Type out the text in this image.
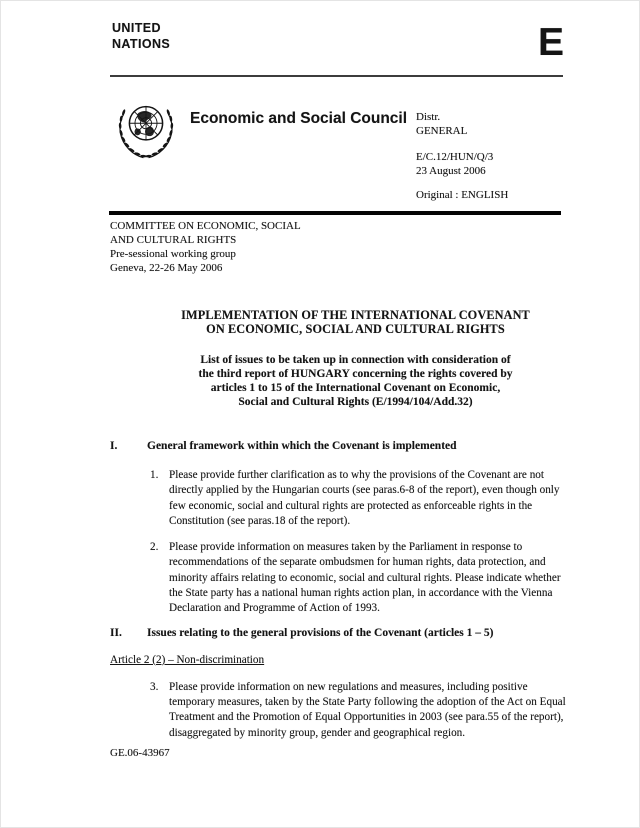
UNITED
NATIONS	E
Economic and Social Council Distr.
GENERAL
E/C.12/HUN/Q/3
23 August 2006
Original : ENGLISH
COMMITTEE ON ECONOMIC, SOCIAL
AND CULTURAL RIGHTS
Pre-sessional working group
Geneva, 22-26 May 2006
IMPLEMENTATION OF THE INTERNATIONAL COVENANT
ON ECONOMIC, SOCIAL AND CULTURAL RIGHTS
List of issues to be taken up in connection with consideration of
the third report of HUNGARY concerning the rights covered by
articles 1 to 15 of the International Covenant on Economic,
Social and Cultural Rights (E/1994/104/Add.32)
I.	General framework within which the Covenant is implemented
1. Please provide further clarification as to why the provisions of the Covenant are not directly applied by the Hungarian courts (see paras.6-8 of the report), even though only few economic, social and cultural rights are protected as enforceable rights in the Constitution (see paras.18 of the report).
2. Please provide information on measures taken by the Parliament in response to recommendations of the separate ombudsmen for human rights, data protection, and minority affairs relating to economic, social and cultural rights. Please indicate whether the State party has a national human rights action plan, in accordance with the Vienna Declaration and Programme of Action of 1993.
II.	Issues relating to the general provisions of the Covenant (articles 1 – 5)
Article 2 (2) – Non-discrimination
3. Please provide information on new regulations and measures, including positive temporary measures, taken by the State Party following the adoption of the Act on Equal Treatment and the Promotion of Equal Opportunities in 2003 (see para.55 of the report), disaggregated by minority group, gender and geographical region.
GE.06-43967
